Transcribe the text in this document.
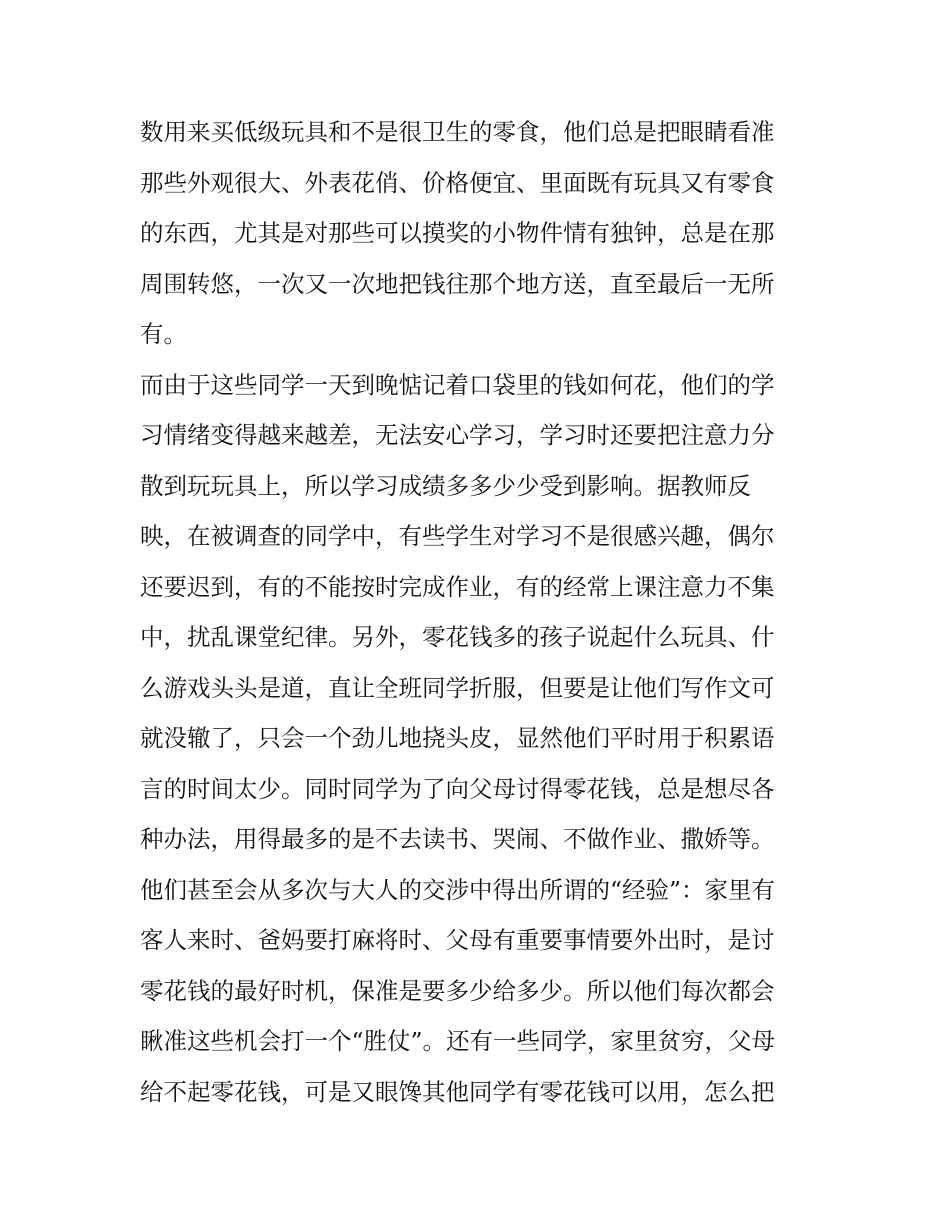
数用来买低级玩具和不是很卫生的零食，他们总是把眼睛看准
那些外观很大、外表花俏、价格便宜、里面既有玩具又有零食
的东西，尤其是对那些可以摸奖的小物件情有独钟，总是在那
周围转悠，一次又一次地把钱往那个地方送，直至最后一无所
有。
而由于这些同学一天到晚惦记着口袋里的钱如何花，他们的学
习情绪变得越来越差，无法安心学习，学习时还要把注意力分
散到玩玩具上，所以学习成绩多多少少受到影响。据教师反
映，在被调查的同学中，有些学生对学习不是很感兴趣，偶尔
还要迟到，有的不能按时完成作业，有的经常上课注意力不集
中，扰乱课堂纪律。另外，零花钱多的孩子说起什么玩具、什
么游戏头头是道，直让全班同学折服，但要是让他们写作文可
就没辙了，只会一个劲儿地挠头皮，显然他们平时用于积累语
言的时间太少。同时同学为了向父母讨得零花钱，总是想尽各
种办法，用得最多的是不去读书、哭闹、不做作业、撒娇等。
他们甚至会从多次与大人的交涉中得出所谓的“经验”：家里有
客人来时、爸妈要打麻将时、父母有重要事情要外出时，是讨
零花钱的最好时机，保准是要多少给多少。所以他们每次都会
瞅准这些机会打一个“胜仗”。还有一些同学，家里贫穷，父母
给不起零花钱，可是又眼馋其他同学有零花钱可以用，怎么把
